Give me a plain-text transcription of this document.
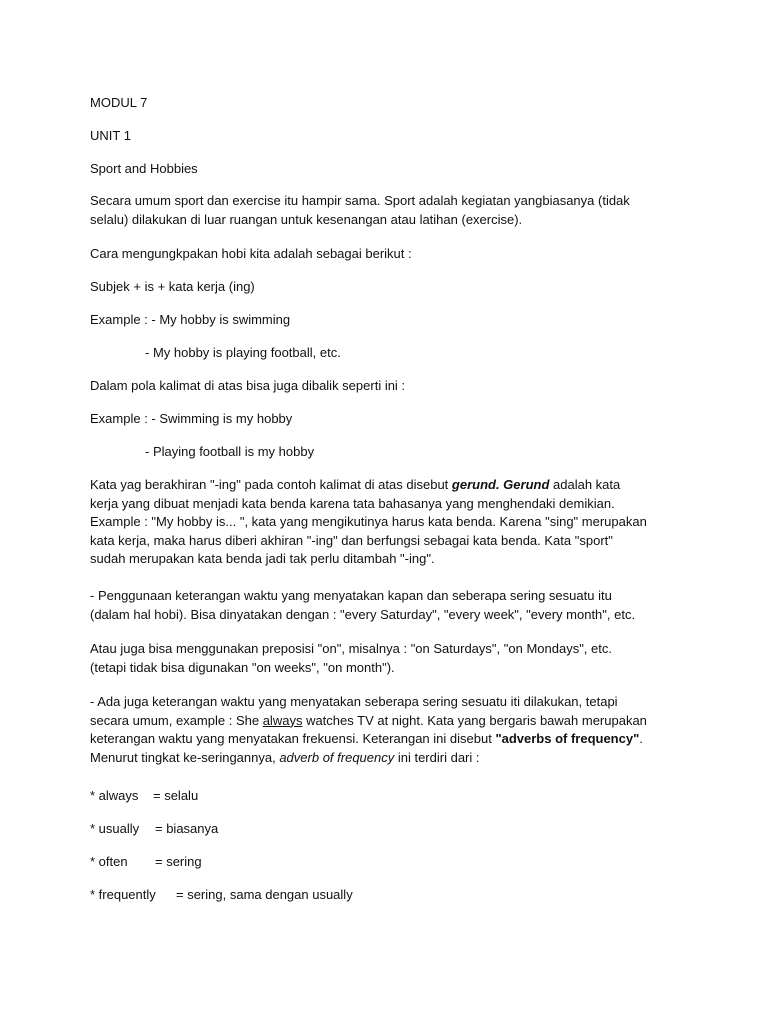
MODUL 7
UNIT 1
Sport and Hobbies
Secara umum sport dan exercise itu hampir sama. Sport adalah kegiatan yangbiasanya (tidak selalu) dilakukan di luar ruangan untuk kesenangan atau latihan (exercise).
Cara mengungkpakan hobi kita adalah sebagai berikut :
Subjek + is + kata kerja (ing)
Example : - My hobby is swimming
- My hobby is playing football, etc.
Dalam pola kalimat di atas bisa juga dibalik seperti ini :
Example : - Swimming is my hobby
- Playing football is my hobby
Kata yag berakhiran "-ing" pada contoh kalimat di atas disebut gerund. Gerund adalah kata kerja yang dibuat menjadi kata benda karena tata bahasanya yang menghendaki demikian. Example : "My hobby is... ", kata yang mengikutinya harus kata benda. Karena "sing" merupakan kata kerja, maka harus diberi akhiran "-ing" dan berfungsi sebagai kata benda. Kata "sport" sudah merupakan kata benda jadi tak perlu ditambah "-ing".
- Penggunaan keterangan waktu yang menyatakan kapan dan seberapa sering sesuatu itu (dalam hal hobi). Bisa dinyatakan dengan : "every Saturday", "every week", "every month", etc.
Atau juga bisa menggunakan preposisi "on", misalnya : "on Saturdays", "on Mondays", etc. (tetapi tidak bisa digunakan "on weeks", "on month").
- Ada juga keterangan waktu yang menyatakan seberapa sering sesuatu iti dilakukan, tetapi secara umum, example : She always watches TV at night. Kata yang bergaris bawah merupakan keterangan waktu yang menyatakan frekuensi. Keterangan ini disebut "adverbs of frequency". Menurut tingkat ke-seringannya, adverb of frequency ini terdiri dari :
* always = selalu
* usually = biasanya
* often = sering
* frequently = sering, sama dengan usually
